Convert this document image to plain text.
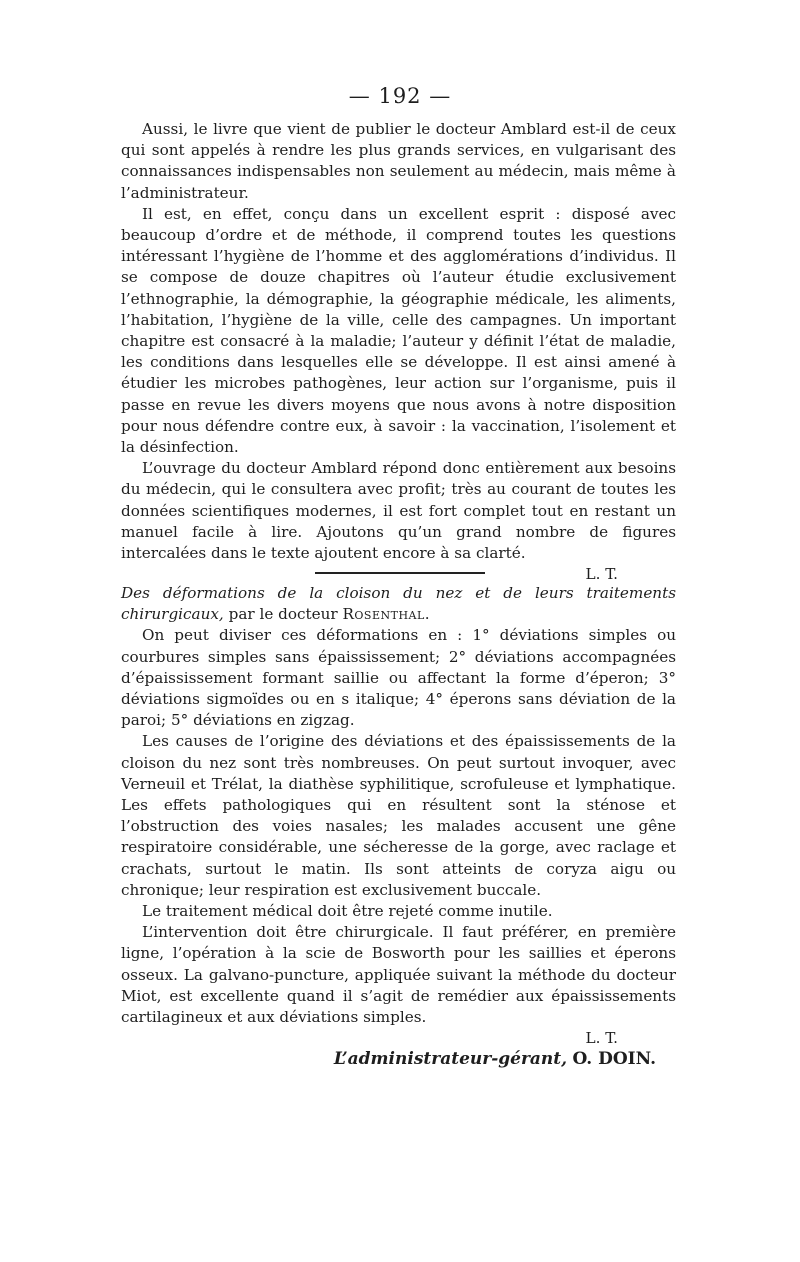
— 192 —

Aussi, le livre que vient de publier le docteur Amblard est-il de ceux qui sont appelés à rendre les plus grands services, en vulgarisant des connaissances indispensables non seulement au médecin, mais même à l’administrateur.

Il est, en effet, conçu dans un excellent esprit : disposé avec beaucoup d’ordre et de méthode, il comprend toutes les questions intéressant l’hygiène de l’homme et des agglomérations d’individus. Il se compose de douze chapitres où l’auteur étudie exclusivement l’ethnographie, la démographie, la géographie médicale, les aliments, l’habitation, l’hygiène de la ville, celle des campagnes. Un important chapitre est consacré à la maladie; l’auteur y définit l’état de maladie, les conditions dans lesquelles elle se développe. Il est ainsi amené à étudier les microbes pathogènes, leur action sur l’organisme, puis il passe en revue les divers moyens que nous avons à notre disposition pour nous défendre contre eux, à savoir : la vaccination, l’isolement et la désinfection.

L’ouvrage du docteur Amblard répond donc entièrement aux besoins du médecin, qui le consultera avec profit; très au courant de toutes les données scientifiques modernes, il est fort complet tout en restant un manuel facile à lire. Ajoutons qu’un grand nombre de figures intercalées dans le texte ajoutent encore à sa clarté.

L. T.

Des déformations de la cloison du nez et de leurs traitements chirurgicaux, par le docteur Rosenthal.

On peut diviser ces déformations en : 1° déviations simples ou courbures simples sans épaississement; 2° déviations accompagnées d’épaississement formant saillie ou affectant la forme d’éperon; 3° déviations sigmoïdes ou en s italique; 4° éperons sans déviation de la paroi; 5° déviations en zigzag.

Les causes de l’origine des déviations et des épaississements de la cloison du nez sont très nombreuses. On peut surtout invoquer, avec Verneuil et Trélat, la diathèse syphilitique, scrofuleuse et lymphatique. Les effets pathologiques qui en résultent sont la sténose et l’obstruction des voies nasales; les malades accusent une gêne respiratoire considérable, une sécheresse de la gorge, avec raclage et crachats, surtout le matin. Ils sont atteints de coryza aigu ou chronique; leur respiration est exclusivement buccale.

Le traitement médical doit être rejeté comme inutile.

L’intervention doit être chirurgicale. Il faut préférer, en première ligne, l’opération à la scie de Bosworth pour les saillies et éperons osseux. La galvano-puncture, appliquée suivant la méthode du docteur Miot, est excellente quand il s’agit de remédier aux épaississements cartilagineux et aux déviations simples.

L. T.

L’administrateur-gérant, O. DOIN.
